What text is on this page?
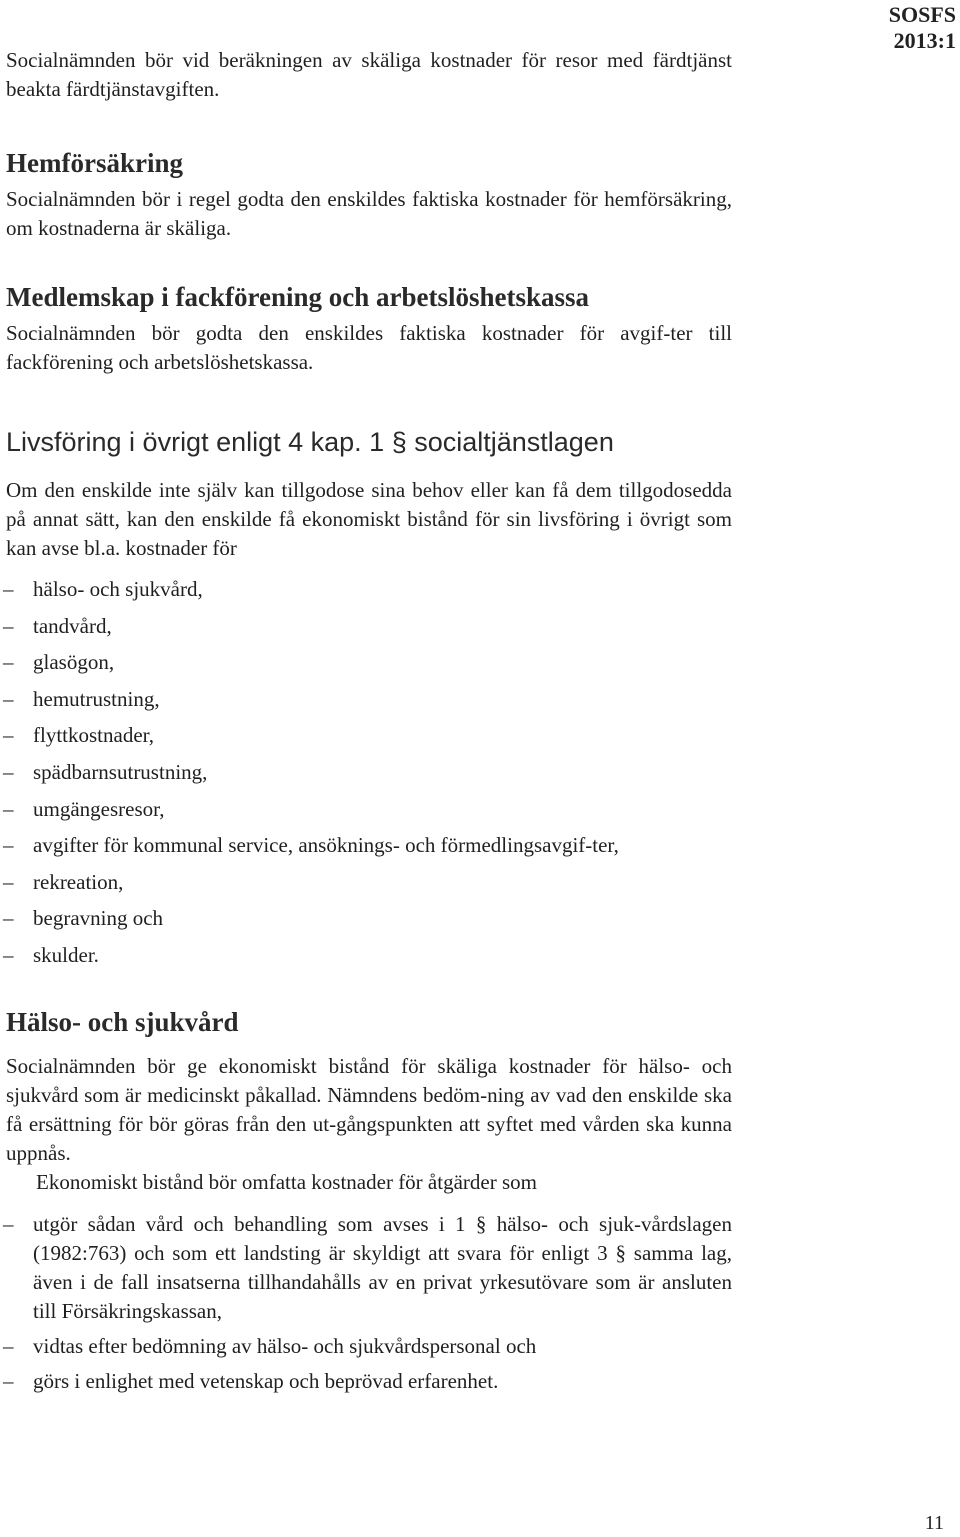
SOSFS
2013:1

Socialnämnden bör vid beräkningen av skäliga kostnader för resor med färdtjänst beakta färdtjänstavgiften.

Hemförsäkring

Socialnämnden bör i regel godta den enskildes faktiska kostnader för hemförsäkring, om kostnaderna är skäliga.

Medlemskap i fackförening och arbetslöshetskassa

Socialnämnden bör godta den enskildes faktiska kostnader för avgif-ter till fackförening och arbetslöshetskassa.

Livsföring i övrigt enligt 4 kap. 1 § socialtjänstlagen

Om den enskilde inte själv kan tillgodose sina behov eller kan få dem tillgodosedda på annat sätt, kan den enskilde få ekonomiskt bistånd för sin livsföring i övrigt som kan avse bl.a. kostnader för

– hälso- och sjukvård,
– tandvård,
– glasögon,
– hemutrustning,
– flyttkostnader,
– spädbarnsutrustning,
– umgängesresor,
– avgifter för kommunal service, ansöknings- och förmedlingsavgif-ter,
– rekreation,
– begravning och
– skulder.
Hälso- och sjukvård

Socialnämnden bör ge ekonomiskt bistånd för skäliga kostnader för hälso- och sjukvård som är medicinskt påkallad. Nämndens bedöm-ning av vad den enskilde ska få ersättning för bör göras från den ut-gångspunkten att syftet med vården ska kunna uppnås.

Ekonomiskt bistånd bör omfatta kostnader för åtgärder som

– utgör sådan vård och behandling som avses i 1 § hälso- och sjuk-vårdslagen (1982:763) och som ett landsting är skyldigt att svara för enligt 3 § samma lag, även i de fall insatserna tillhandahålls av en privat yrkesutövare som är ansluten till Försäkringskassan,
– vidtas efter bedömning av hälso- och sjukvårdspersonal och
– görs i enlighet med vetenskap och beprövad erfarenhet.
11
